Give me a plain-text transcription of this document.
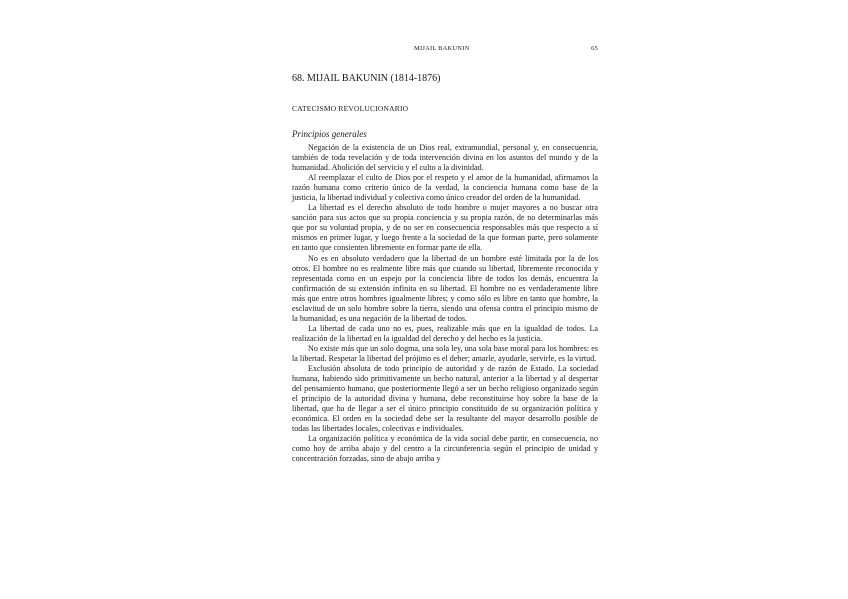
MIJAIL BAKUNIN	65
68. MIJAIL BAKUNIN (1814-1876)
CATECISMO REVOLUCIONARIO
Principios generales

Negación de la existencia de un Dios real, extramundial, personal y, en consecuencia, también de toda revelación y de toda intervención divina en los asuntos del mundo y de la humanidad. Abolición del servicio y el culto a la divinidad.

Al reemplazar el culto de Dios por el respeto y el amor de la humanidad, afirmamos la razón humana como criterio único de la verdad, la conciencia humana como base de la justicia, la libertad individual y colectiva como único creador del orden de la humanidad.

La libertad es el derecho absoluto de todo hombre o mujer mayores a no buscar otra sanción para sus actos que su propia conciencia y su propia razón, de no determinarlas más que por su voluntad propia, y de no ser en consecuencia responsables más que respecto a sí mismos en primer lugar, y luego frente a la sociedad de la que forman parte, pero solamente en tanto que consienten libremente en formar parte de ella.

No es en absoluto verdadero que la libertad de un hombre esté limitada por la de los otros. El hombre no es realmente libre más que cuando su libertad, libremente reconocida y representada como en un espejo por la conciencia libre de todos los demás, encuentra la confirmación de su extensión infinita en su libertad. El hombre no es verdaderamente libre más que entre otros hombres igualmente libres; y como sólo es libre en tanto que hombre, la esclavitud de un solo hombre sobre la tierra, siendo una ofensa contra el principio mismo de la humanidad, es una negación de la libertad de todos.

La libertad de cada uno no es, pues, realizable más que en la igualdad de todos. La realización de la libertad en la igualdad del derecho y del hecho es la justicia.

No existe más que un solo dogma, una sola ley, una sola base moral para los hombres: es la libertad. Respetar la libertad del prójimo es el deber; amarle, ayudarle, servirle, es la virtud.

Exclusión absoluta de todo principio de autoridad y de razón de Estado. La sociedad humana, habiendo sido primitivamente un hecho natural, anterior a la libertad y al despertar del pensamiento humano, que posteriormente llegó a ser un hecho religioso organizado según el principio de la autoridad divina y humana, debe reconstituirse hoy sobre la base de la libertad, que ha de llegar a ser el único principio constituido de su organización política y económica. El orden en la sociedad debe ser la resultante del mayor desarrollo posible de todas las libertades locales, colectivas e individuales.

La organización política y económica de la vida social debe partir, en consecuencia, no como hoy de arriba abajo y del centro a la circunferencia según el principio de unidad y concentración forzadas, sino de abajo arriba y
